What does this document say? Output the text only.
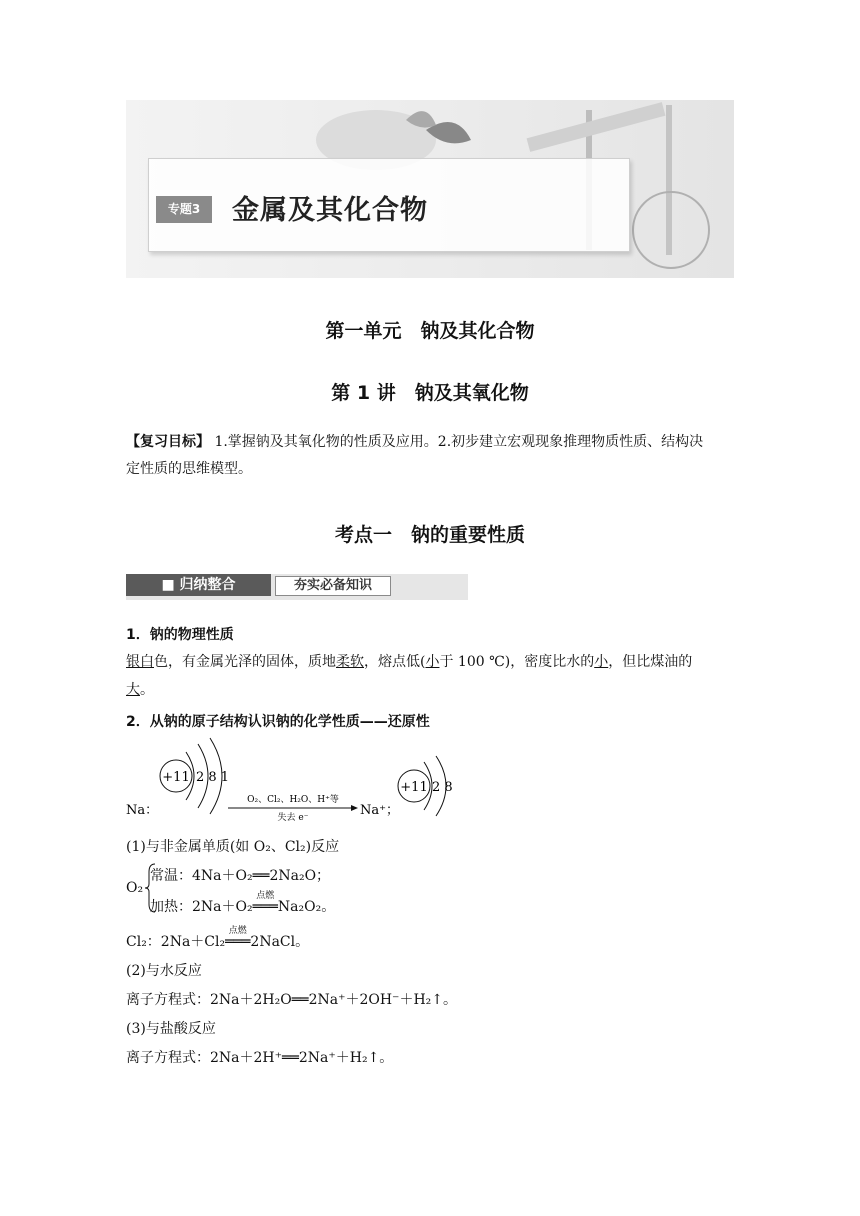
专题3	金属及其化合物
第一单元　钠及其化合物
第 1 讲　钠及其氧化物
【复习目标】 1.掌握钠及其氧化物的性质及应用。2.初步建立宏观现象推理物质性质、结构决
定性质的思维模型。
考点一　钠的重要性质
■ 归纳整合	夯实必备知识
1．钠的物理性质
银白色，有金属光泽的固体，质地柔软，熔点低(小于 100 ℃)，密度比水的小，但比煤油的
大。
2．从钠的原子结构认识钠的化学性质——还原性
+11 2 8 1
Na：
O₂、Cl₂、H₂O、H⁺等
失去 e⁻	Na⁺；
+11 2 8
(1)与非金属单质(如 O₂、Cl₂)反应
O₂
常温：4Na＋O₂══2Na₂O；
加热：2Na＋O₂
点燃
═══Na₂O₂。
Cl₂：2Na＋Cl₂
点燃
═══2NaCl。
(2)与水反应
离子方程式：2Na＋2H₂O══2Na⁺＋2OH⁻＋H₂↑。
(3)与盐酸反应
离子方程式：2Na＋2H⁺══2Na⁺＋H₂↑。
